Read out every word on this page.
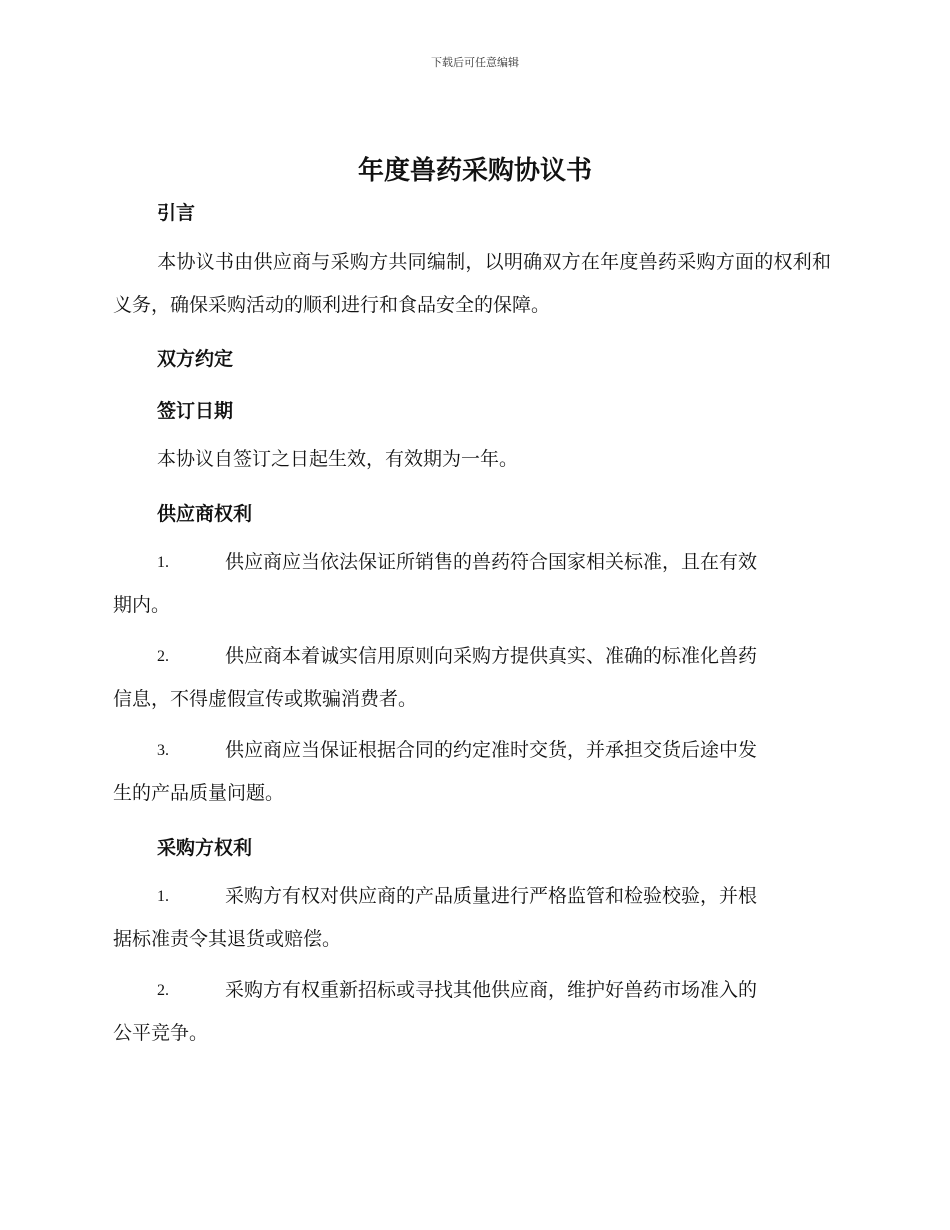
下载后可任意编辑
年度兽药采购协议书
引言
本协议书由供应商与采购方共同编制，以明确双方在年度兽药采购方面的权利和义务，确保采购活动的顺利进行和食品安全的保障。
双方约定
签订日期
本协议自签订之日起生效，有效期为一年。
供应商权利
1.	供应商应当依法保证所销售的兽药符合国家相关标准，且在有效
期内。
2.	供应商本着诚实信用原则向采购方提供真实、准确的标准化兽药
信息，不得虚假宣传或欺骗消费者。
3.	供应商应当保证根据合同的约定准时交货，并承担交货后途中发
生的产品质量问题。
采购方权利
1.	采购方有权对供应商的产品质量进行严格监管和检验校验，并根
据标准责令其退货或赔偿。
2.	采购方有权重新招标或寻找其他供应商，维护好兽药市场准入的
公平竞争。
